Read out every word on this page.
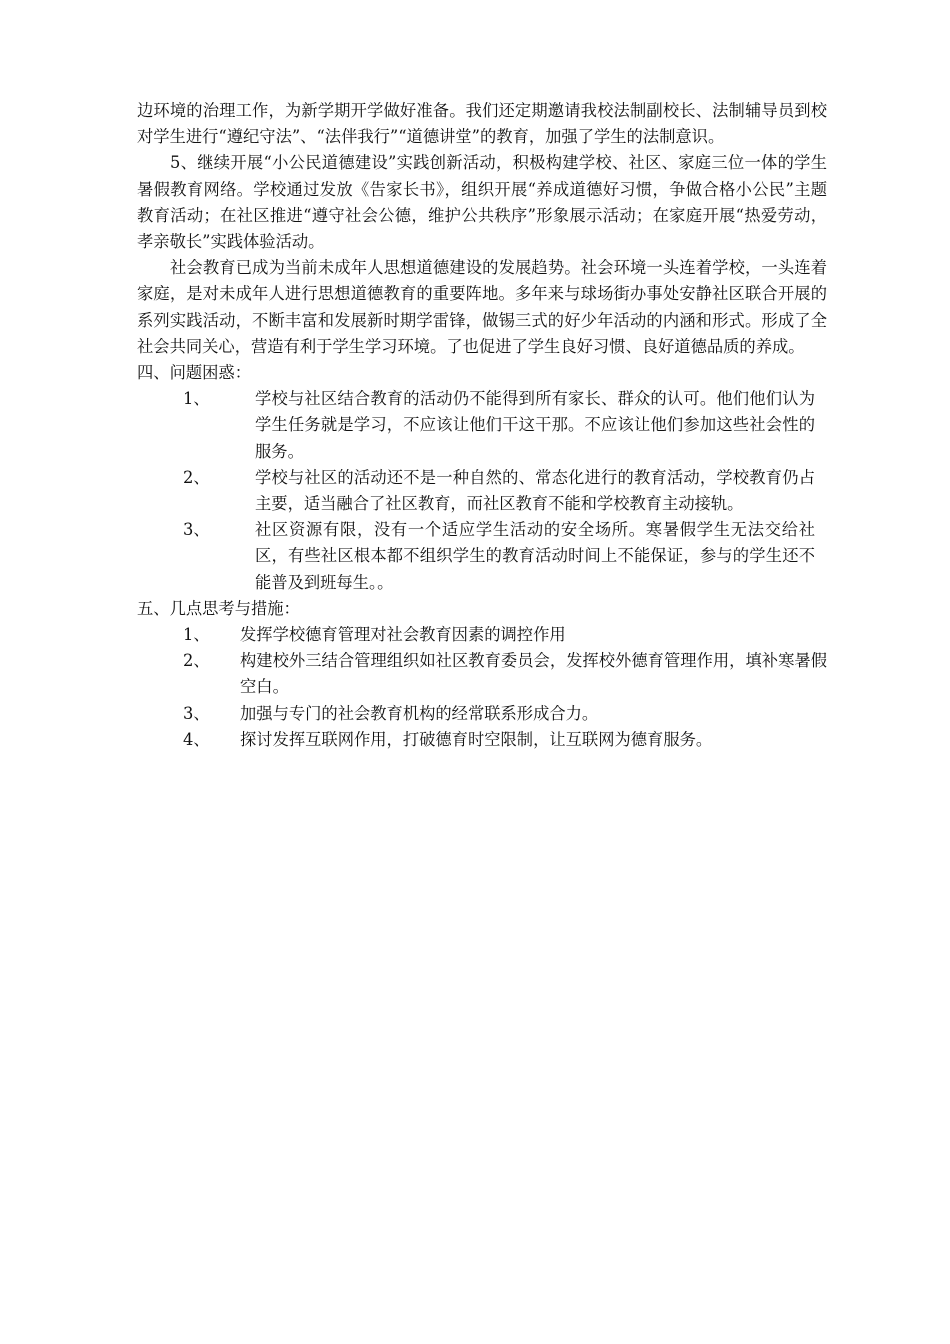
边环境的治理工作，为新学期开学做好准备。我们还定期邀请我校法制副校长、法制辅导员到校对学生进行“遵纪守法”、“法伴我行”“道德讲堂”的教育，加强了学生的法制意识。

5、继续开展“小公民道德建设”实践创新活动，积极构建学校、社区、家庭三位一体的学生暑假教育网络。学校通过发放《告家长书》，组织开展“养成道德好习惯，争做合格小公民”主题教育活动；在社区推进“遵守社会公德，维护公共秩序”形象展示活动；在家庭开展“热爱劳动，孝亲敬长”实践体验活动。

社会教育已成为当前未成年人思想道德建设的发展趋势。社会环境一头连着学校，一头连着家庭，是对未成年人进行思想道德教育的重要阵地。多年来与球场街办事处安静社区联合开展的系列实践活动，不断丰富和发展新时期学雷锋，做锡三式的好少年活动的内涵和形式。形成了全社会共同关心，营造有利于学生学习环境。了也促进了学生良好习惯、良好道德品质的养成。

四、问题困惑：

1、	学校与社区结合教育的活动仍不能得到所有家长、群众的认可。他们他们认为学生任务就是学习，不应该让他们干这干那。不应该让他们参加这些社会性的服务。
2、	学校与社区的活动还不是一种自然的、常态化进行的教育活动，学校教育仍占主要，适当融合了社区教育，而社区教育不能和学校教育主动接轨。
3、	社区资源有限，没有一个适应学生活动的安全场所。寒暑假学生无法交给社区，有些社区根本都不组织学生的教育活动时间上不能保证，参与的学生还不能普及到班每生。。

五、几点思考与措施：

1、	发挥学校德育管理对社会教育因素的调控作用
2、	构建校外三结合管理组织如社区教育委员会，发挥校外德育管理作用，填补寒暑假空白。
3、	加强与专门的社会教育机构的经常联系形成合力。
4、	探讨发挥互联网作用，打破德育时空限制，让互联网为德育服务。
